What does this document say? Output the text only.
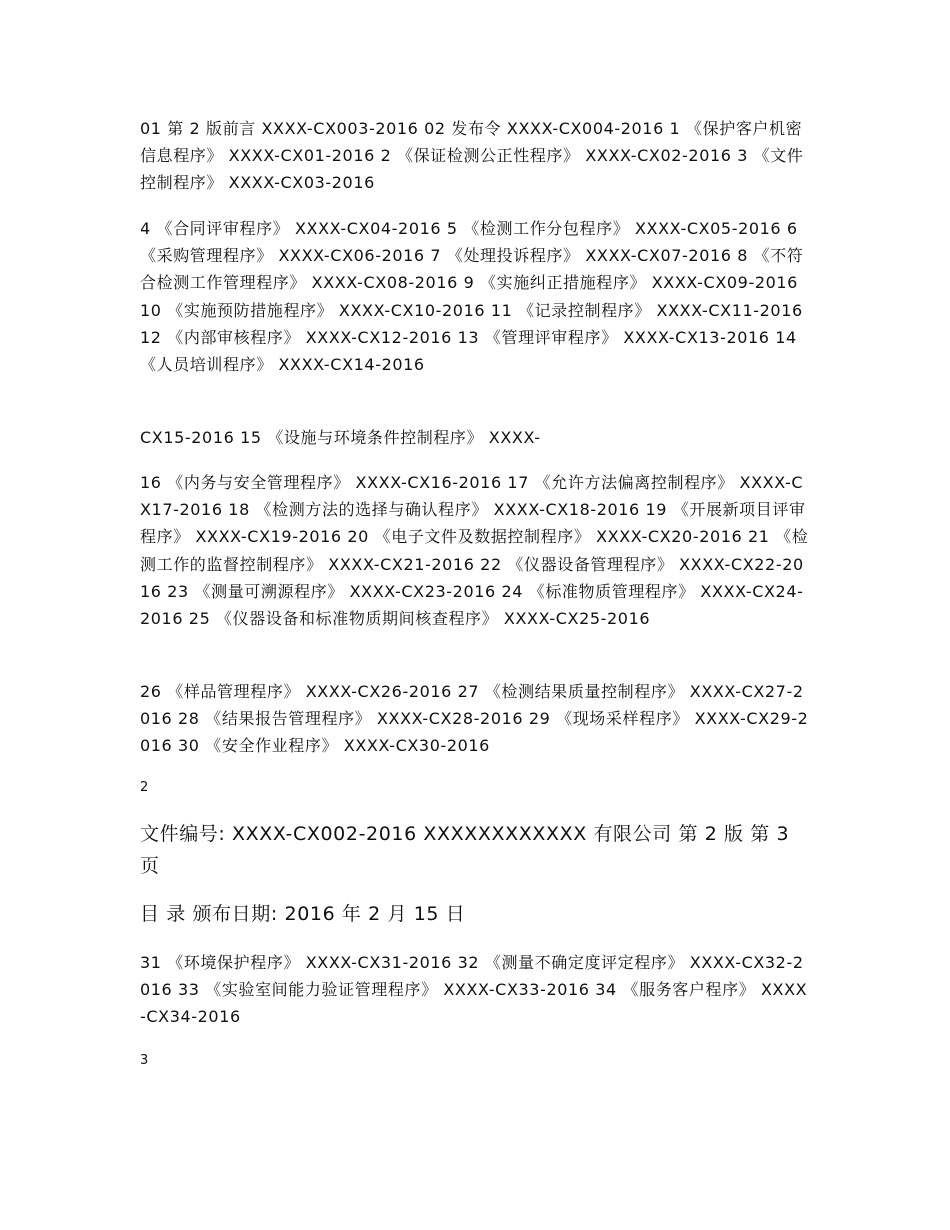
01 第 2 版前言 XXXX-CX003-2016 02 发布令 XXXX-CX004-2016 1 《保护客户机密信息程序》 XXXX-CX01-2016 2 《保证检测公正性程序》 XXXX-CX02-2016 3 《文件控制程序》 XXXX-CX03-2016

4 《合同评审程序》 XXXX-CX04-2016 5 《检测工作分包程序》 XXXX-CX05-2016 6 《采购管理程序》 XXXX-CX06-2016 7 《处理投诉程序》 XXXX-CX07-2016 8 《不符合检测工作管理程序》 XXXX-CX08-2016 9 《实施纠正措施程序》 XXXX-CX09-2016 10 《实施预防措施程序》 XXXX-CX10-2016 11 《记录控制程序》 XXXX-CX11-2016 12 《内部审核程序》 XXXX-CX12-2016 13 《管理评审程序》 XXXX-CX13-2016 14 《人员培训程序》 XXXX-CX14-2016

CX15-2016 15 《设施与环境条件控制程序》 XXXX-

16 《内务与安全管理程序》 XXXX-CX16-2016 17 《允许方法偏离控制程序》 XXXX-CX17-2016 18 《检测方法的选择与确认程序》 XXXX-CX18-2016 19 《开展新项目评审程序》 XXXX-CX19-2016 20 《电子文件及数据控制程序》 XXXX-CX20-2016 21 《检测工作的监督控制程序》 XXXX-CX21-2016 22 《仪器设备管理程序》 XXXX-CX22-2016 23 《测量可溯源程序》 XXXX-CX23-2016 24 《标准物质管理程序》 XXXX-CX24-2016 25 《仪器设备和标准物质期间核查程序》 XXXX-CX25-2016

26 《样品管理程序》 XXXX-CX26-2016 27 《检测结果质量控制程序》 XXXX-CX27-2016 28 《结果报告管理程序》 XXXX-CX28-2016 29 《现场采样程序》 XXXX-CX29-2016 30 《安全作业程序》 XXXX-CX30-2016

2

文件编号: XXXX-CX002-2016 XXXXXXXXXXXX 有限公司 第 2 版 第 3 页

目 录 颁布日期: 2016 年 2 月 15 日

31 《环境保护程序》 XXXX-CX31-2016 32 《测量不确定度评定程序》 XXXX-CX32-2016 33 《实验室间能力验证管理程序》 XXXX-CX33-2016 34 《服务客户程序》 XXXX-CX34-2016

3
